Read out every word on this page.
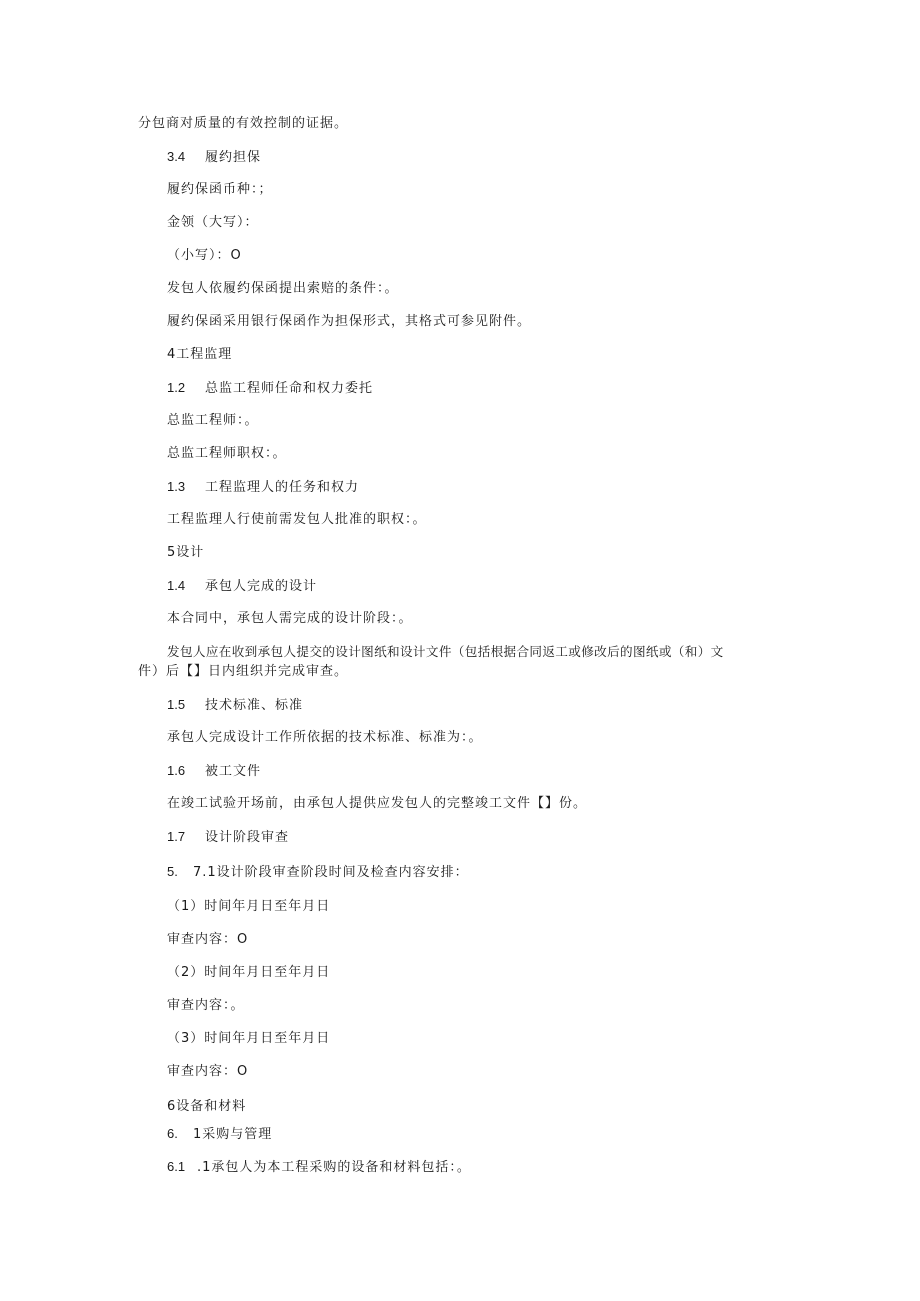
分包商对质量的有效控制的证据。
3.4 履约担保
履约保函币种：；
金领（大写）：
（小写）：O
发包人依履约保函提出索赔的条件：。
履约保函采用银行保函作为担保形式，其格式可参见附件。
4工程监理
1.2 总监工程师任命和权力委托
总监工程师：。
总监工程师职权：。
1.3 工程监理人的任务和权力
工程监理人行使前需发包人批准的职权：。
5设计
1.4 承包人完成的设计
本合同中，承包人需完成的设计阶段：。
发包人应在收到承包人提交的设计图纸和设计文件（包括根据合同返工或修改后的图纸或（和）文
件）后【】日内组织并完成审查。
1.5 技术标准、标准
承包人完成设计工作所依据的技术标准、标准为：。
1.6 被工文件
在竣工试验开场前，由承包人提供应发包人的完整竣工文件【】份。
1.7 设计阶段审查
5. 7.1设计阶段审查阶段时间及检查内容安排：
（1）时间年月日至年月日
审查内容：O
（2）时间年月日至年月日
审查内容：。
（3）时间年月日至年月日
审查内容：O
6设备和材料
6. 1采购与管理
6.1 .1承包人为本工程采购的设备和材料包括：。
